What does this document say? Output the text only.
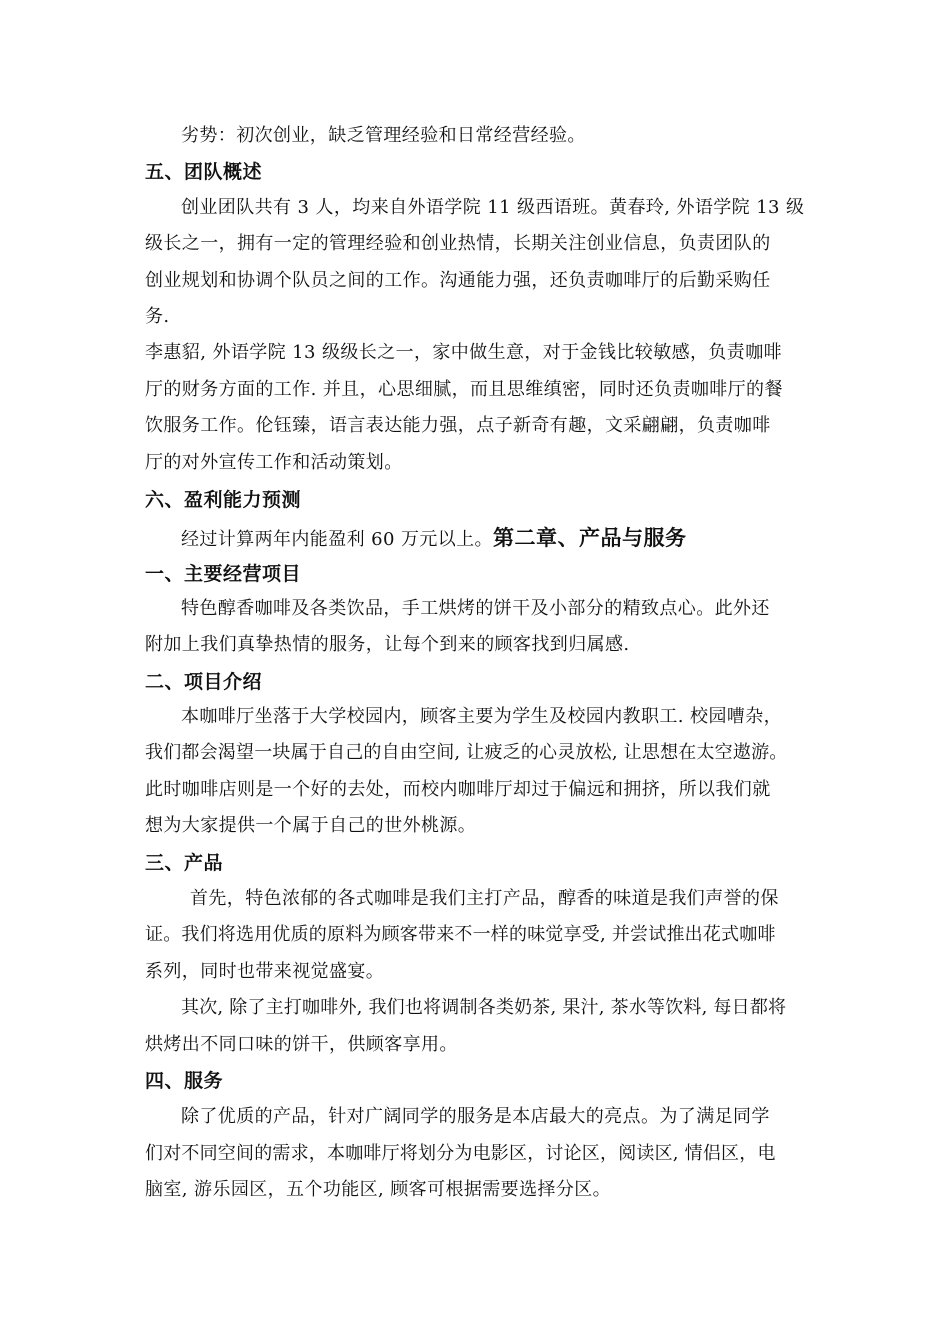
劣势：初次创业，缺乏管理经验和日常经营经验。
五、团队概述
创业团队共有 3 人，均来自外语学院 11 级西语班。黄春玲, 外语学院 13 级
级长之一，拥有一定的管理经验和创业热情，长期关注创业信息，负责团队的
创业规划和协调个队员之间的工作。沟通能力强，还负责咖啡厅的后勤采购任
务.
李惠貂, 外语学院 13 级级长之一，家中做生意，对于金钱比较敏感，负责咖啡
厅的财务方面的工作. 并且，心思细腻，而且思维缜密，同时还负责咖啡厅的餐
饮服务工作。伦钰臻，语言表达能力强，点子新奇有趣，文采翩翩，负责咖啡
厅的对外宣传工作和活动策划。
六、盈利能力预测
经过计算两年内能盈利 60 万元以上。第二章、产品与服务
一、主要经营项目
特色醇香咖啡及各类饮品，手工烘烤的饼干及小部分的精致点心。此外还
附加上我们真挚热情的服务，让每个到来的顾客找到归属感.
二、项目介绍
本咖啡厅坐落于大学校园内，顾客主要为学生及校园内教职工. 校园嘈杂，
我们都会渴望一块属于自己的自由空间, 让疲乏的心灵放松, 让思想在太空遨游。
此时咖啡店则是一个好的去处，而校内咖啡厅却过于偏远和拥挤，所以我们就
想为大家提供一个属于自己的世外桃源。
三、产品
首先，特色浓郁的各式咖啡是我们主打产品，醇香的味道是我们声誉的保
证。我们将选用优质的原料为顾客带来不一样的味觉享受, 并尝试推出花式咖啡
系列，同时也带来视觉盛宴。
其次, 除了主打咖啡外, 我们也将调制各类奶茶, 果汁, 茶水等饮料, 每日都将
烘烤出不同口味的饼干，供顾客享用。
四、服务
除了优质的产品，针对广阔同学的服务是本店最大的亮点。为了满足同学
们对不同空间的需求，本咖啡厅将划分为电影区，讨论区，阅读区, 情侣区，电
脑室, 游乐园区，五个功能区, 顾客可根据需要选择分区。
